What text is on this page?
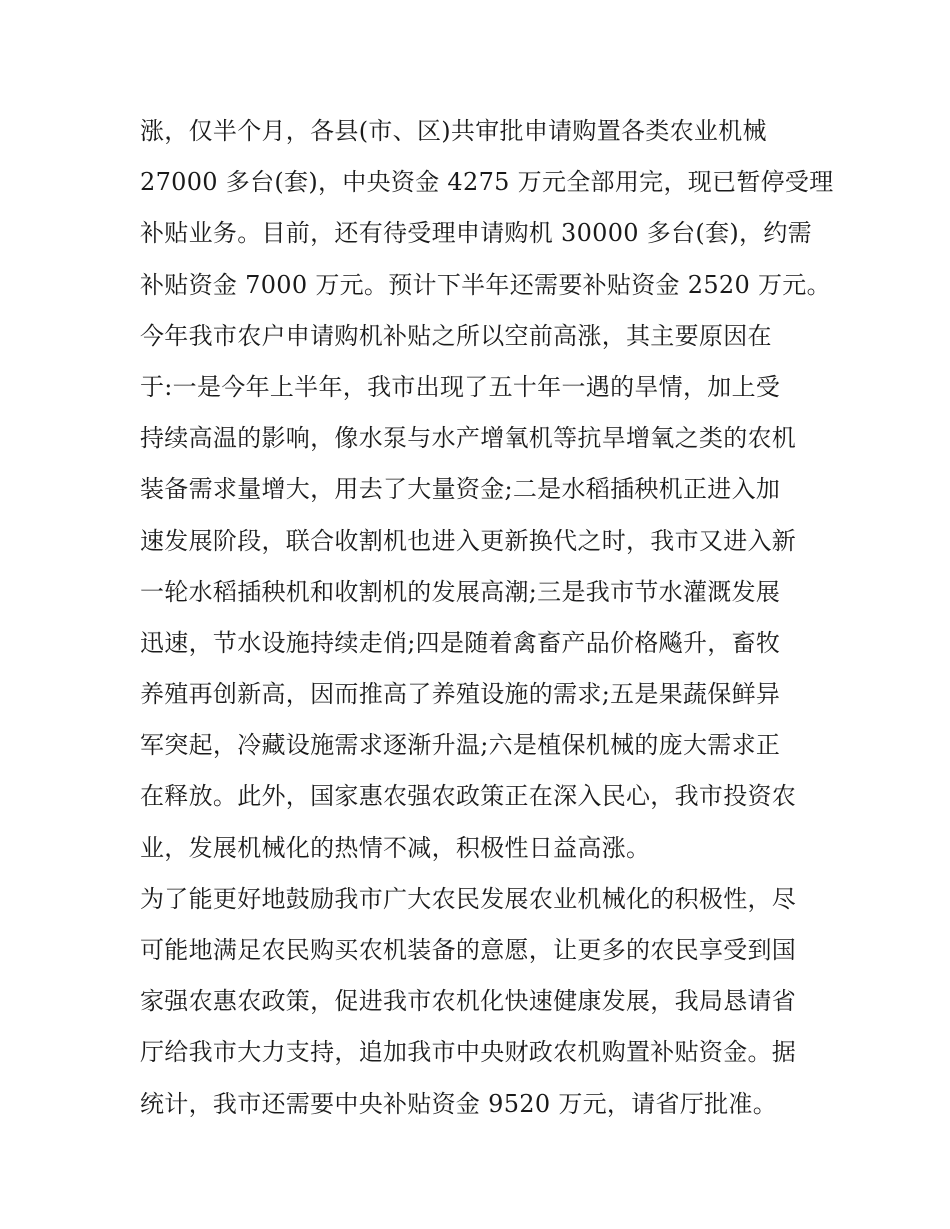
涨，仅半个月，各县(市、区)共审批申请购置各类农业机械
27000 多台(套)，中央资金 4275 万元全部用完，现已暂停受理
补贴业务。目前，还有待受理申请购机 30000 多台(套)，约需
补贴资金 7000 万元。预计下半年还需要补贴资金 2520 万元。
今年我市农户申请购机补贴之所以空前高涨，其主要原因在
于:一是今年上半年，我市出现了五十年一遇的旱情，加上受
持续高温的影响，像水泵与水产增氧机等抗旱增氧之类的农机
装备需求量增大，用去了大量资金;二是水稻插秧机正进入加
速发展阶段，联合收割机也进入更新换代之时，我市又进入新
一轮水稻插秧机和收割机的发展高潮;三是我市节水灌溉发展
迅速，节水设施持续走俏;四是随着禽畜产品价格飚升，畜牧
养殖再创新高，因而推高了养殖设施的需求;五是果蔬保鲜异
军突起，冷藏设施需求逐渐升温;六是植保机械的庞大需求正
在释放。此外，国家惠农强农政策正在深入民心，我市投资农
业，发展机械化的热情不减，积极性日益高涨。
为了能更好地鼓励我市广大农民发展农业机械化的积极性，尽
可能地满足农民购买农机装备的意愿，让更多的农民享受到国
家强农惠农政策，促进我市农机化快速健康发展，我局恳请省
厅给我市大力支持，追加我市中央财政农机购置补贴资金。据
统计，我市还需要中央补贴资金 9520 万元，请省厅批准。
